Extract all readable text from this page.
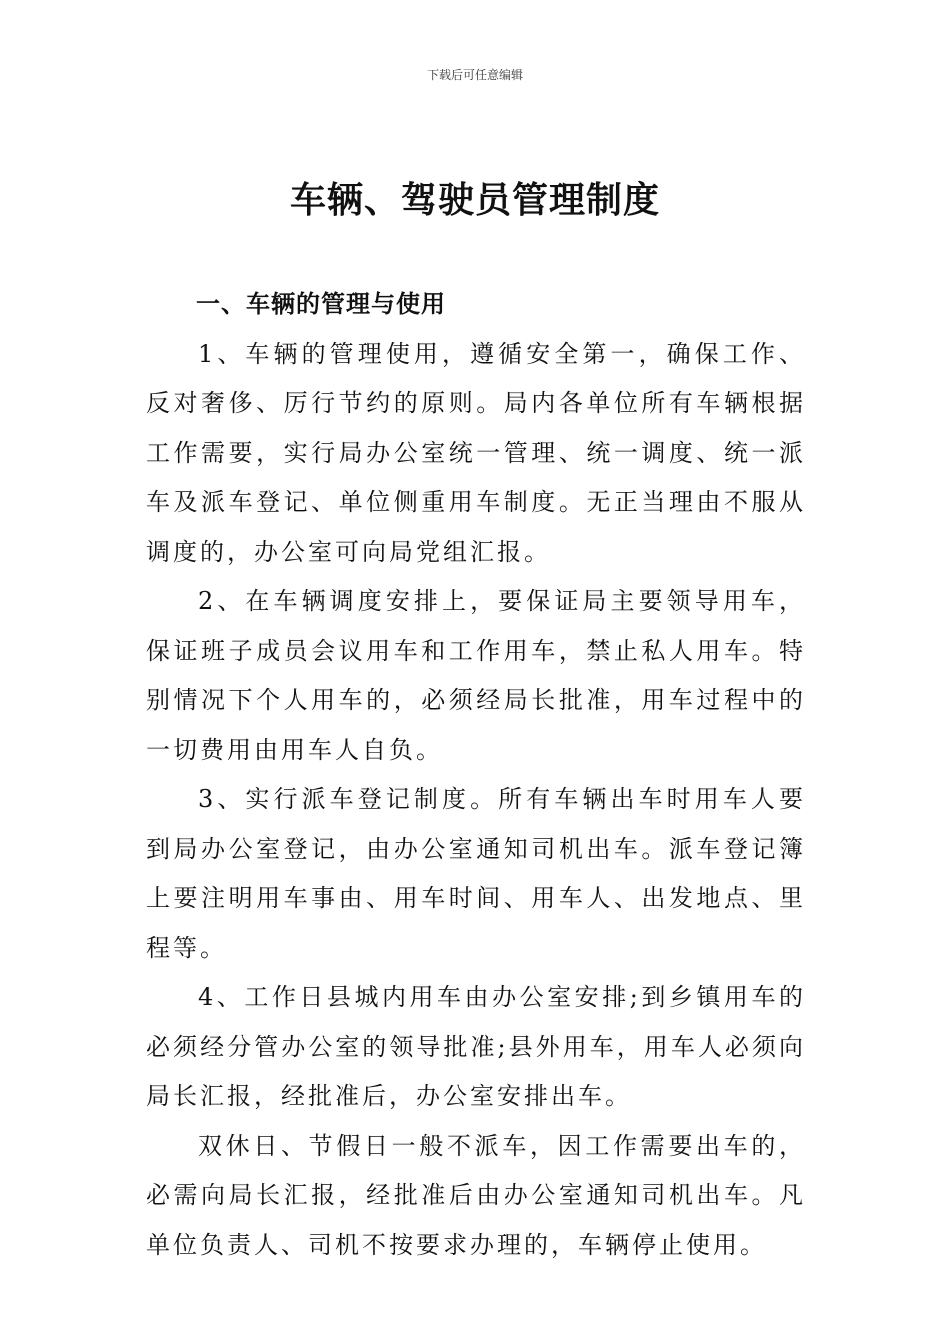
下载后可任意编辑
车辆、驾驶员管理制度
一、车辆的管理与使用

1、车辆的管理使用，遵循安全第一，确保工作、反对奢侈、厉行节约的原则。局内各单位所有车辆根据工作需要，实行局办公室统一管理、统一调度、统一派车及派车登记、单位侧重用车制度。无正当理由不服从调度的，办公室可向局党组汇报。

2、在车辆调度安排上，要保证局主要领导用车，保证班子成员会议用车和工作用车，禁止私人用车。特别情况下个人用车的，必须经局长批准，用车过程中的一切费用由用车人自负。

3、实行派车登记制度。所有车辆出车时用车人要到局办公室登记，由办公室通知司机出车。派车登记簿上要注明用车事由、用车时间、用车人、出发地点、里程等。

4、工作日县城内用车由办公室安排;到乡镇用车的必须经分管办公室的领导批准;县外用车，用车人必须向局长汇报，经批准后，办公室安排出车。

双休日、节假日一般不派车，因工作需要出车的，必需向局长汇报，经批准后由办公室通知司机出车。凡单位负责人、司机不按要求办理的，车辆停止使用。
